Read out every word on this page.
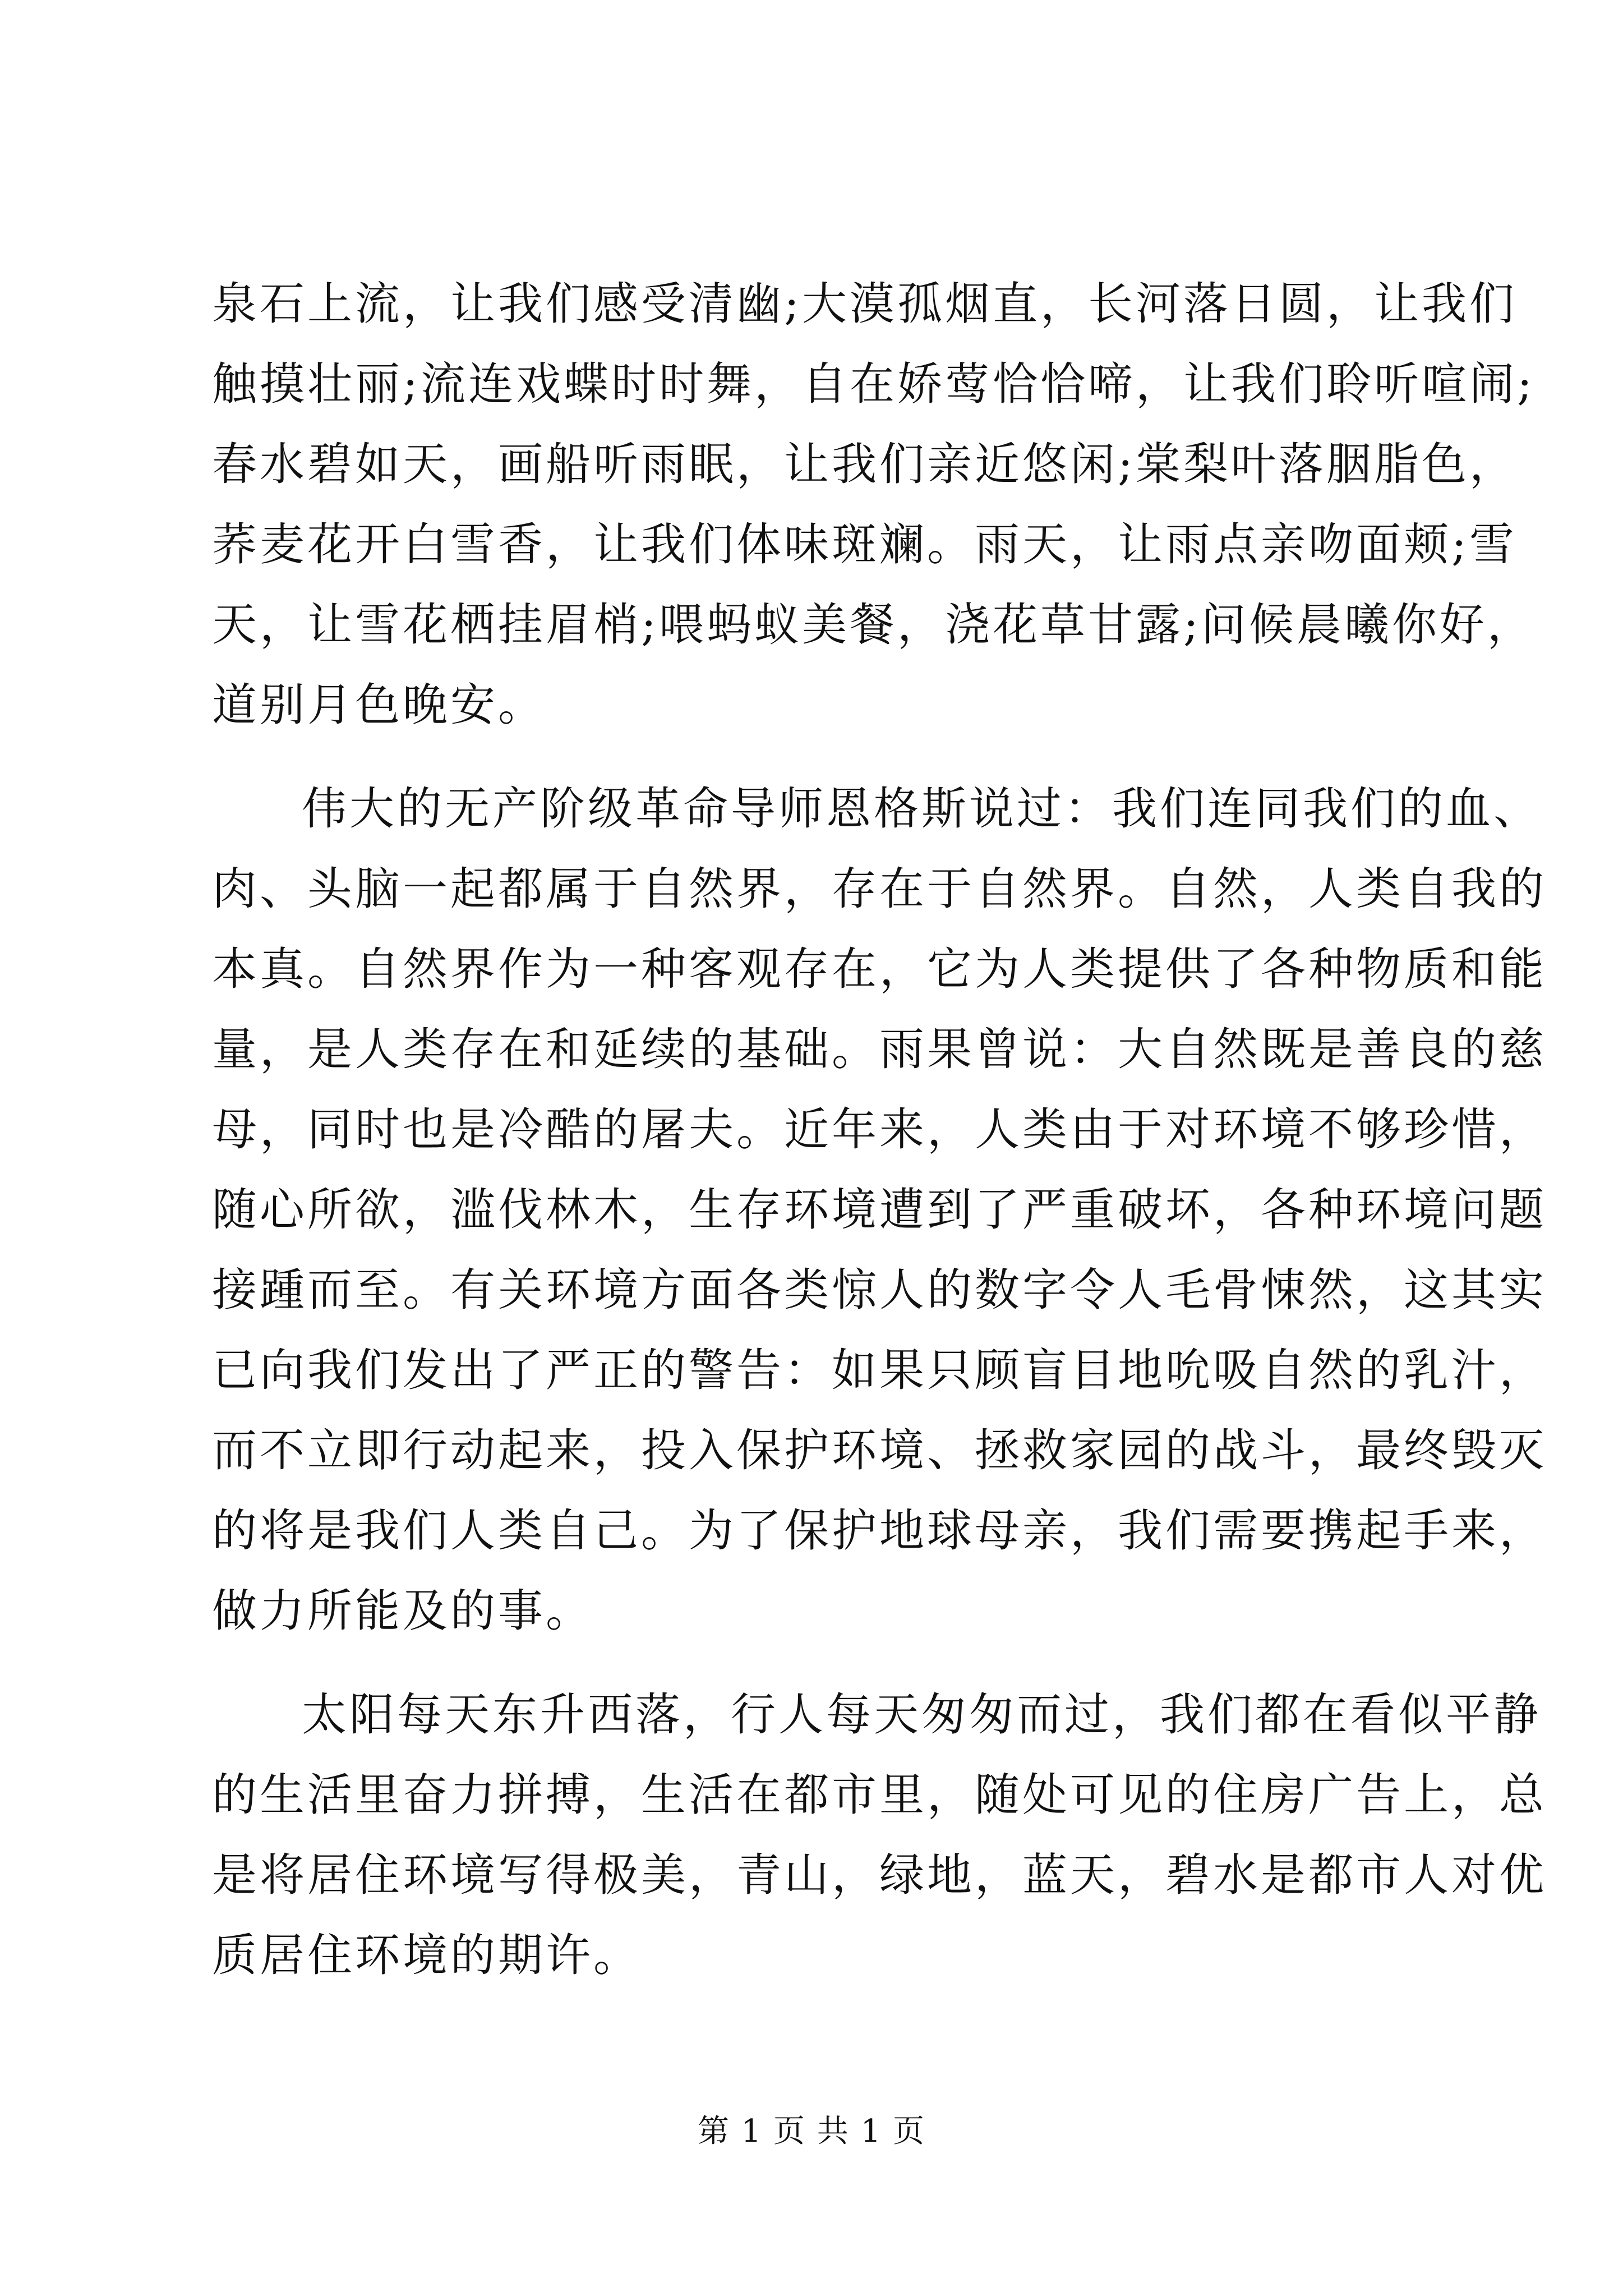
泉石上流，让我们感受清幽;大漠孤烟直，长河落日圆，让我们
触摸壮丽;流连戏蝶时时舞，自在娇莺恰恰啼，让我们聆听喧闹;
春水碧如天，画船听雨眠，让我们亲近悠闲;棠梨叶落胭脂色，
荞麦花开白雪香，让我们体味斑斓。雨天，让雨点亲吻面颊;雪
天，让雪花栖挂眉梢;喂蚂蚁美餐，浇花草甘露;问候晨曦你好，
道别月色晚安。
伟大的无产阶级革命导师恩格斯说过：我们连同我们的血、
肉、头脑一起都属于自然界，存在于自然界。自然，人类自我的
本真。自然界作为一种客观存在，它为人类提供了各种物质和能
量，是人类存在和延续的基础。雨果曾说：大自然既是善良的慈
母，同时也是冷酷的屠夫。近年来，人类由于对环境不够珍惜，
随心所欲，滥伐林木，生存环境遭到了严重破坏，各种环境问题
接踵而至。有关环境方面各类惊人的数字令人毛骨悚然，这其实
已向我们发出了严正的警告：如果只顾盲目地吮吸自然的乳汁，
而不立即行动起来，投入保护环境、拯救家园的战斗，最终毁灭
的将是我们人类自己。为了保护地球母亲，我们需要携起手来，
做力所能及的事。
太阳每天东升西落，行人每天匆匆而过，我们都在看似平静
的生活里奋力拼搏，生活在都市里，随处可见的住房广告上，总
是将居住环境写得极美，青山，绿地，蓝天，碧水是都市人对优
质居住环境的期许。
第 1 页 共 1 页
